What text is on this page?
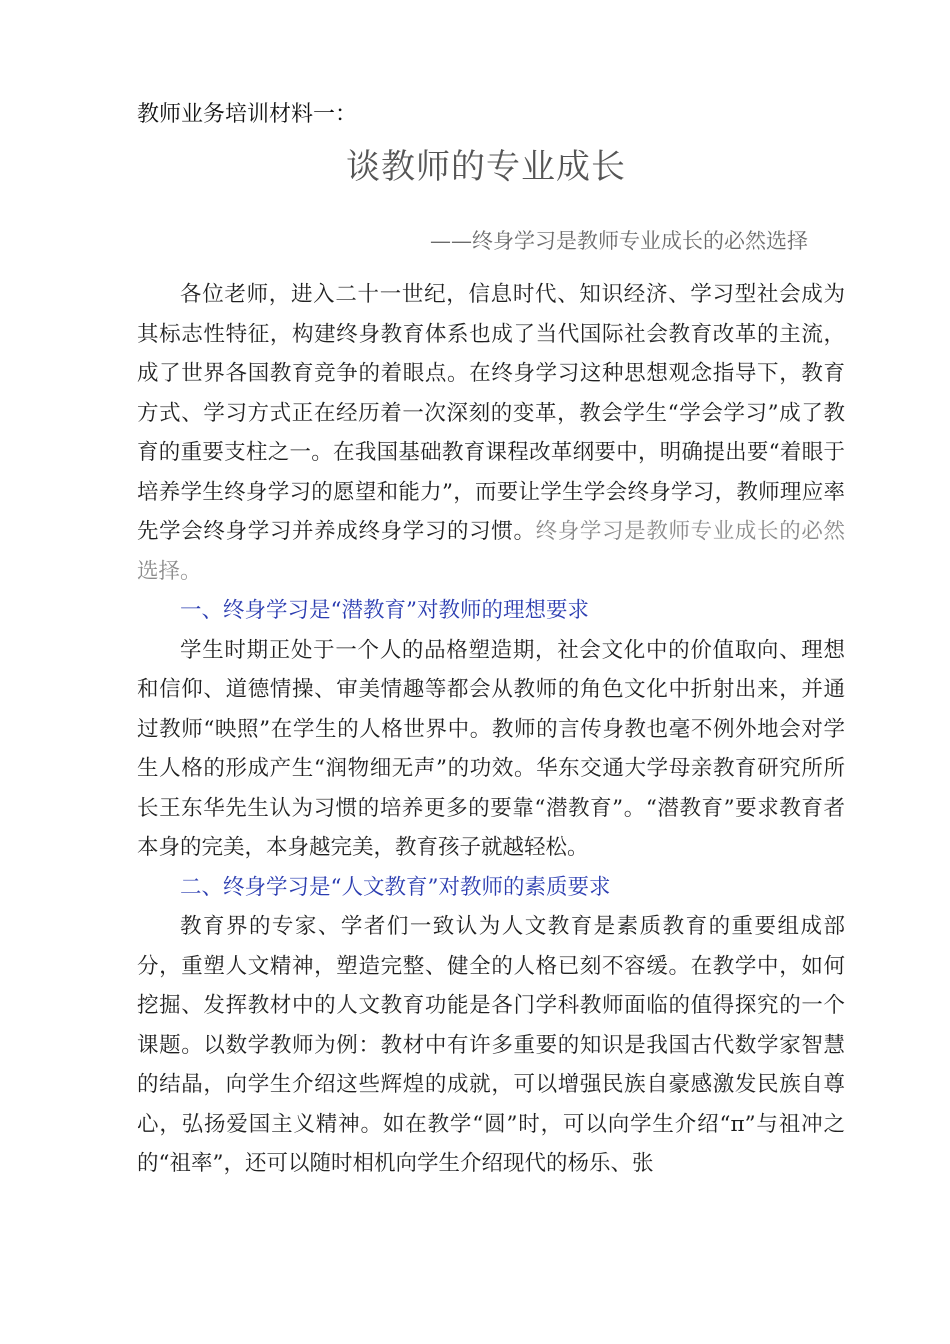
教师业务培训材料一：
谈教师的专业成长
——终身学习是教师专业成长的必然选择

各位老师，进入二十一世纪，信息时代、知识经济、学习型社会成为其标志性特征，构建终身教育体系也成了当代国际社会教育改革的主流，成了世界各国教育竞争的着眼点。在终身学习这种思想观念指导下，教育方式、学习方式正在经历着一次深刻的变革，教会学生“学会学习”成了教育的重要支柱之一。在我国基础教育课程改革纲要中，明确提出要“着眼于培养学生终身学习的愿望和能力”，而要让学生学会终身学习，教师理应率先学会终身学习并养成终身学习的习惯。终身学习是教师专业成长的必然选择。

一、终身学习是“潜教育”对教师的理想要求

学生时期正处于一个人的品格塑造期，社会文化中的价值取向、理想和信仰、道德情操、审美情趣等都会从教师的角色文化中折射出来，并通过教师“映照”在学生的人格世界中。教师的言传身教也毫不例外地会对学生人格的形成产生“润物细无声”的功效。华东交通大学母亲教育研究所所长王东华先生认为习惯的培养更多的要靠“潜教育”。“潜教育”要求教育者本身的完美，本身越完美，教育孩子就越轻松。

二、终身学习是“人文教育”对教师的素质要求

教育界的专家、学者们一致认为人文教育是素质教育的重要组成部分，重塑人文精神，塑造完整、健全的人格已刻不容缓。在教学中，如何挖掘、发挥教材中的人文教育功能是各门学科教师面临的值得探究的一个课题。以数学教师为例：教材中有许多重要的知识是我国古代数学家智慧的结晶，向学生介绍这些辉煌的成就，可以增强民族自豪感激发民族自尊心，弘扬爱国主义精神。如在教学“圆”时，可以向学生介绍“π”与祖冲之的“祖率”，还可以随时相机向学生介绍现代的杨乐、张
